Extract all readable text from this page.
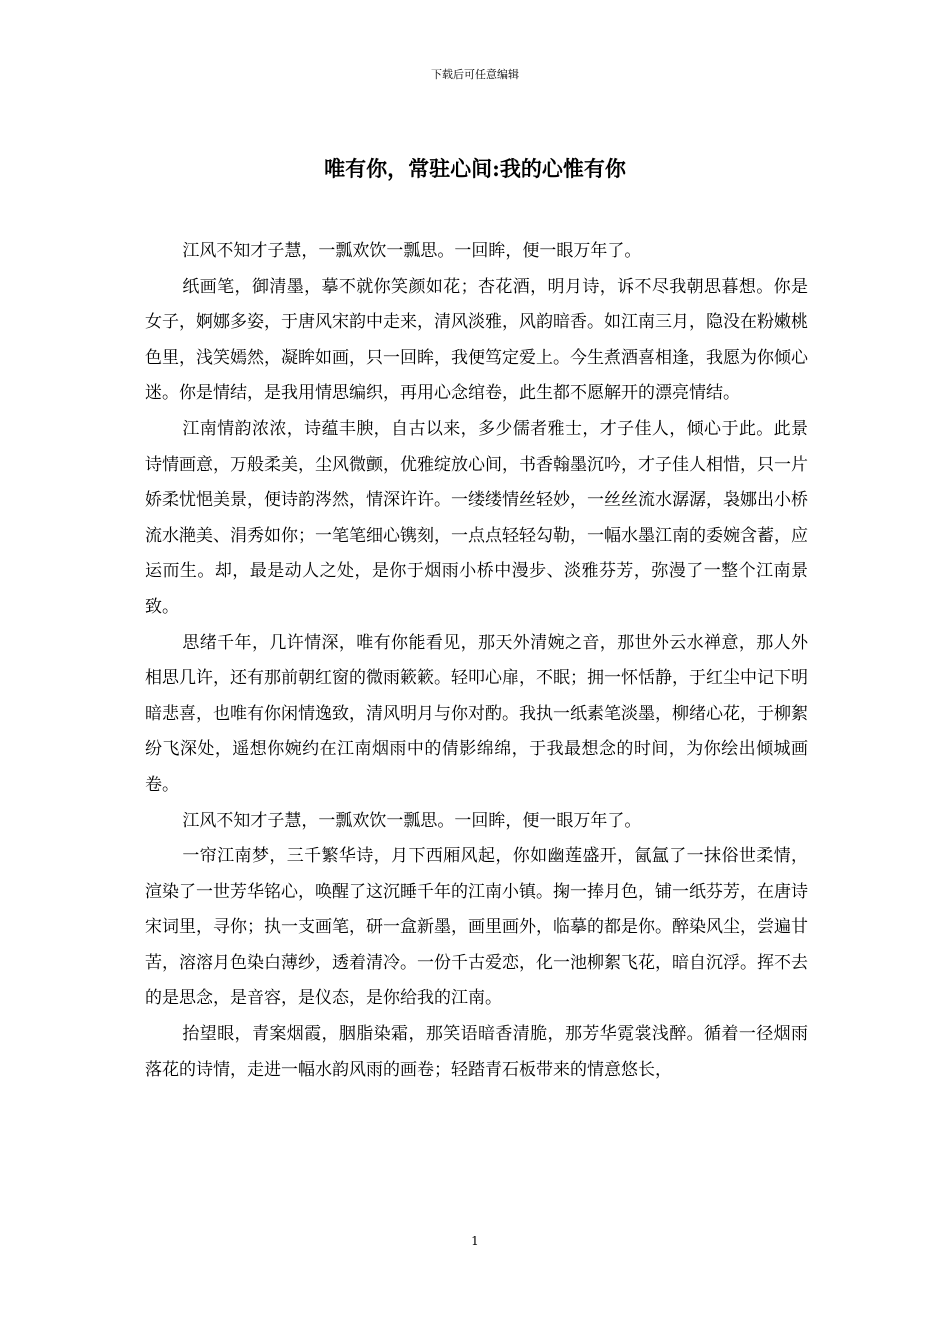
下载后可任意编辑
唯有你，常驻心间:我的心惟有你

江风不知才子慧，一瓢欢饮一瓢思。一回眸，便一眼万年了。

纸画笔，御清墨，摹不就你笑颜如花；杏花酒，明月诗，诉不尽我朝思暮想。你是女子，婀娜多姿，于唐风宋韵中走来，清风淡雅，风韵暗香。如江南三月，隐没在粉嫩桃色里，浅笑嫣然，凝眸如画，只一回眸，我便笃定爱上。今生煮酒喜相逢，我愿为你倾心迷。你是情结，是我用情思编织，再用心念绾卷，此生都不愿解开的漂亮情结。

江南情韵浓浓，诗蕴丰腴，自古以来，多少儒者雅士，才子佳人，倾心于此。此景诗情画意，万般柔美，尘风微颤，优雅绽放心间，书香翰墨沉吟，才子佳人相惜，只一片娇柔忧悒美景，便诗韵涔然，情深许许。一缕缕情丝轻妙，一丝丝流水潺潺，袅娜出小桥流水滟美、涓秀如你；一笔笔细心镌刻，一点点轻轻勾勒，一幅水墨江南的委婉含蓄，应运而生。却，最是动人之处，是你于烟雨小桥中漫步、淡雅芬芳，弥漫了一整个江南景致。

思绪千年，几许情深，唯有你能看见，那天外清婉之音，那世外云水禅意，那人外相思几许，还有那前朝红窗的微雨簌簌。轻叩心扉，不眠；拥一怀恬静，于红尘中记下明暗悲喜，也唯有你闲情逸致，清风明月与你对酌。我执一纸素笔淡墨，柳绪心花，于柳絮纷飞深处，遥想你婉约在江南烟雨中的倩影绵绵，于我最想念的时间，为你绘出倾城画卷。

江风不知才子慧，一瓢欢饮一瓢思。一回眸，便一眼万年了。

一帘江南梦，三千繁华诗，月下西厢风起，你如幽莲盛开，氤氲了一抹俗世柔情，渲染了一世芳华铭心，唤醒了这沉睡千年的江南小镇。掬一捧月色，铺一纸芬芳，在唐诗宋词里，寻你；执一支画笔，研一盒新墨，画里画外，临摹的都是你。醉染风尘，尝遍甘苦，溶溶月色染白薄纱，透着清冷。一份千古爱恋，化一池柳絮飞花，暗自沉浮。挥不去的是思念，是音容，是仪态，是你给我的江南。

抬望眼，青案烟霞，胭脂染霜，那笑语暗香清脆，那芳华霓裳浅醉。循着一径烟雨落花的诗情，走进一幅水韵风雨的画卷；轻踏青石板带来的情意悠长，

1
